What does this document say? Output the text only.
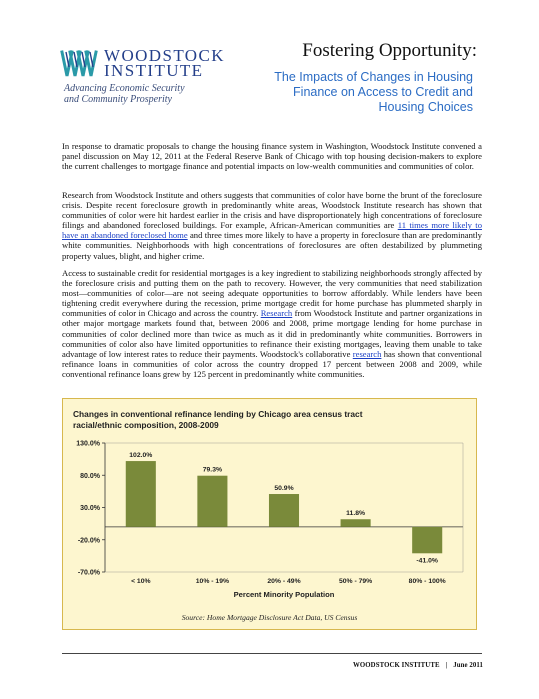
WOODSTOCK
INSTITUTE
Advancing Economic Security
and Community Prosperity
Fostering Opportunity:
The Impacts of Changes in Housing
Finance on Access to Credit and
Housing Choices

In response to dramatic proposals to change the housing finance system in Washington, Woodstock Institute convened a panel discussion on May 12, 2011 at the Federal Reserve Bank of Chicago with top housing decision-makers to explore the current challenges to mortgage finance and potential impacts on low-wealth communities and communities of color.

Research from Woodstock Institute and others suggests that communities of color have borne the brunt of the foreclosure crisis. Despite recent foreclosure growth in predominantly white areas, Woodstock Institute research has shown that communities of color were hit hardest earlier in the crisis and have disproportionately high concentrations of foreclosure filings and abandoned foreclosed buildings. For example, African-American communities are 11 times more likely to have an abandoned foreclosed home and three times more likely to have a property in foreclosure than are predominantly white communities. Neighborhoods with high concentrations of foreclosures are often destabilized by plummeting property values, blight, and higher crime.

Access to sustainable credit for residential mortgages is a key ingredient to stabilizing neighborhoods strongly affected by the foreclosure crisis and putting them on the path to recovery. However, the very communities that need stabilization most—communities of color—are not seeing adequate opportunities to borrow affordably. While lenders have been tightening credit everywhere during the recession, prime mortgage credit for home purchase has plummeted sharply in communities of color in Chicago and across the country. Research from Woodstock Institute and partner organizations in other major mortgage markets found that, between 2006 and 2008, prime mortgage lending for home purchase in communities of color declined more than twice as much as it did in predominantly white communities. Borrowers in communities of color also have limited opportunities to refinance their existing mortgages, leaving them unable to take advantage of low interest rates to reduce their payments. Woodstock's collaborative research has shown that conventional refinance loans in communities of color across the country dropped 17 percent between 2008 and 2009, while conventional refinance loans grew by 125 percent in predominantly white communities.

Changes in conventional refinance lending by Chicago area census tract racial/ethnic composition, 2008-2009
130.0%
80.0%
30.0%
-20.0%
-70.0%
102.0%
< 10%
79.3%
10% - 19%
50.9%
20% - 49%
11.8%
50% - 79%
-41.0%
80% - 100%
Percent Minority Population
Source: Home Mortgage Disclosure Act Data, US Census
WOODSTOCK INSTITUTE | June 2011
